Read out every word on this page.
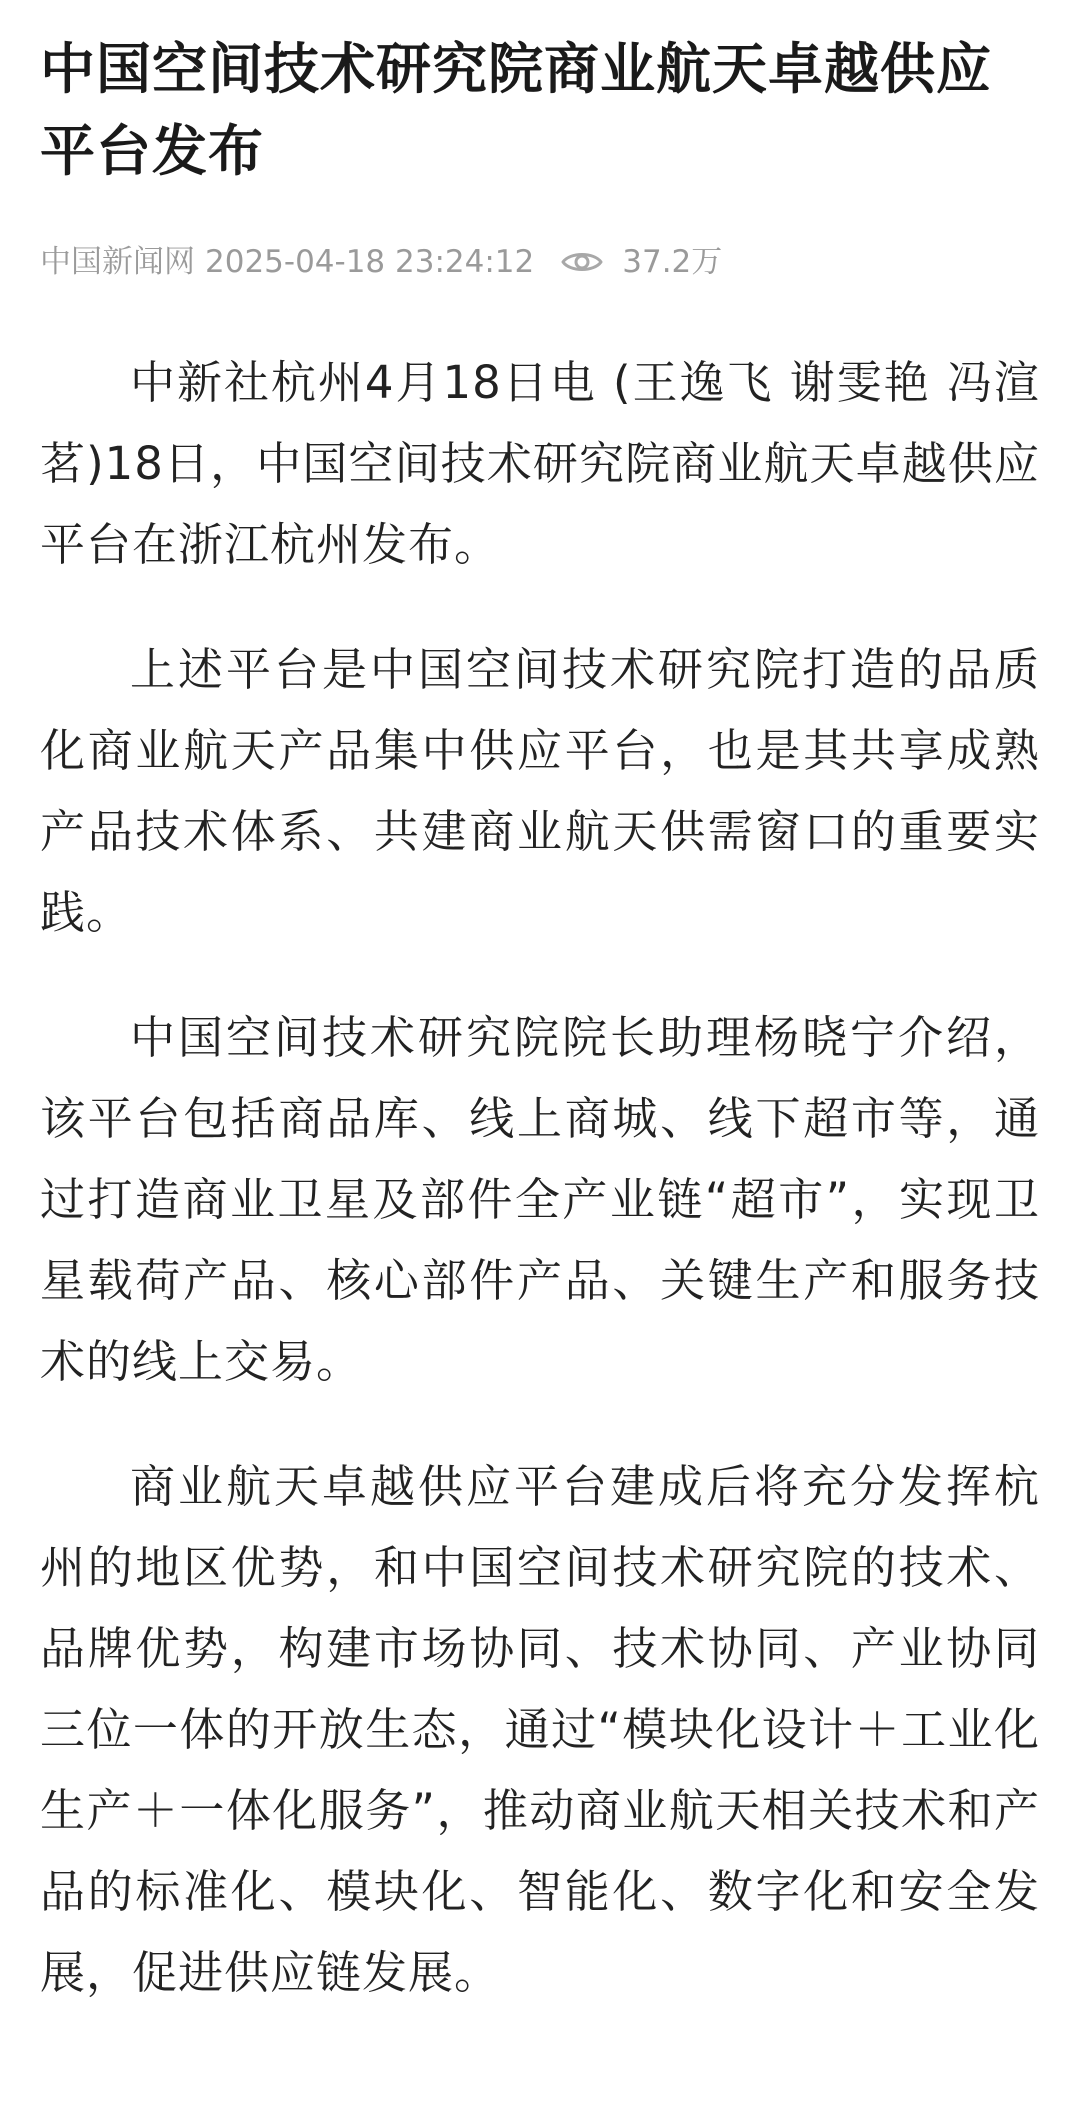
中国空间技术研究院商业航天卓越供应平台发布
中国新闻网 2025-04-18 23:24:12	37.2万

中新社杭州4月18日电 (王逸飞 谢雯艳 冯渲茗)18日，中国空间技术研究院商业航天卓越供应平台在浙江杭州发布。

上述平台是中国空间技术研究院打造的品质化商业航天产品集中供应平台，也是其共享成熟产品技术体系、共建商业航天供需窗口的重要实践。

中国空间技术研究院院长助理杨晓宁介绍，该平台包括商品库、线上商城、线下超市等，通过打造商业卫星及部件全产业链“超市”，实现卫星载荷产品、核心部件产品、关键生产和服务技术的线上交易。

商业航天卓越供应平台建成后将充分发挥杭州的地区优势，和中国空间技术研究院的技术、品牌优势，构建市场协同、技术协同、产业协同三位一体的开放生态，通过“模块化设计＋工业化生产＋一体化服务”，推动商业航天相关技术和产品的标准化、模块化、智能化、数字化和安全发展，促进供应链发展。
